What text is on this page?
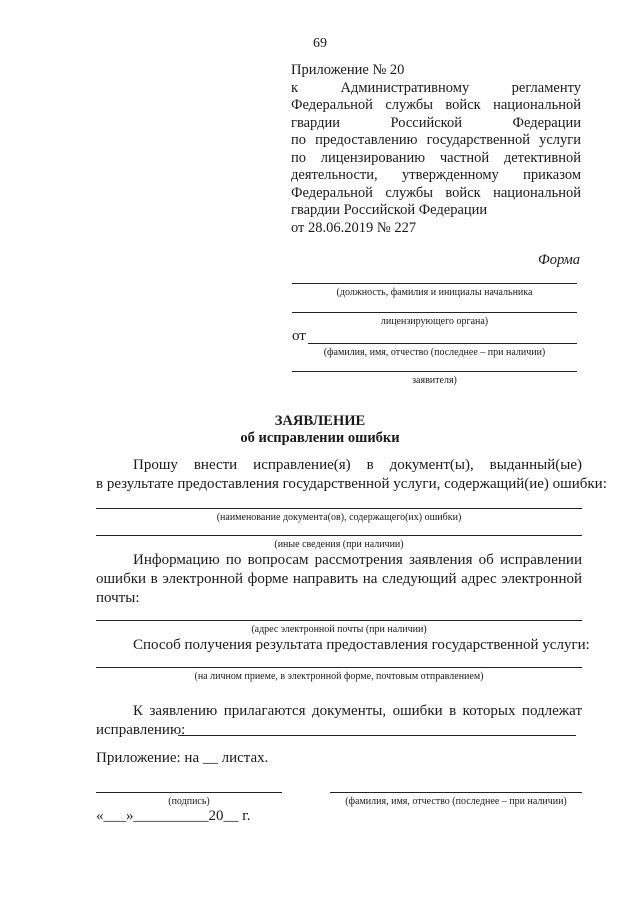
69
Приложение № 20
к Административному регламенту
Федеральной службы войск национальной
гвардии Российской Федерации
по предоставлению государственной услуги
по лицензированию частной детективной
деятельности, утвержденному приказом
Федеральной службы войск национальной
гвардии Российской Федерации
от 28.06.2019 № 227
Форма
(должность, фамилия и инициалы начальника
лицензирующего органа)
от
(фамилия, имя, отчество (последнее – при наличии)
заявителя)
ЗАЯВЛЕНИЕ
об исправлении ошибки
Прошу внести исправление(я) в документ(ы), выданный(ые)
в результате предоставления государственной услуги, содержащий(ие) ошибки:
(наименование документа(ов), содержащего(их) ошибки)
(иные сведения (при наличии)
Информацию по вопросам рассмотрения заявления об исправлении
ошибки в электронной форме направить на следующий адрес электронной
почты:
(адрес электронной почты (при наличии)
Способ получения результата предоставления государственной услуги:
(на личном приеме, в электронной форме, почтовым отправлением)
К заявлению прилагаются документы, ошибки в которых подлежат
исправлению:
Приложение: на __ листах.
(подпись)	(фамилия, имя, отчество (последнее – при наличии)
«___»__________20__ г.
